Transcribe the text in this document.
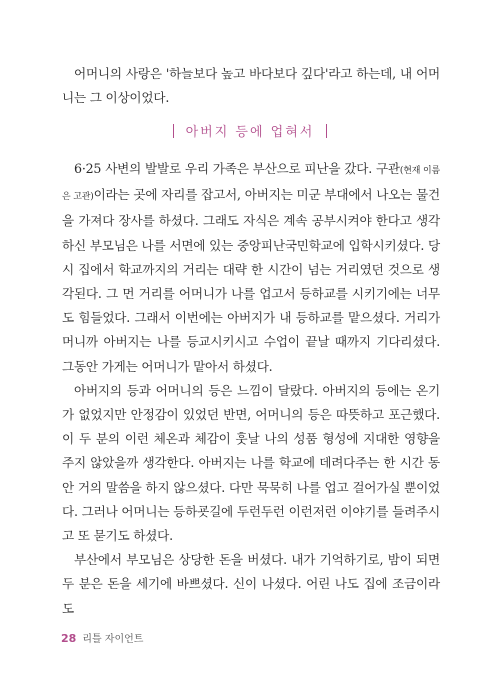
어머니의 사랑은 '하늘보다 높고 바다보다 깊다'라고 하는데, 내 어머니는 그 이상이었다.

아버지 등에 업혀서

6·25 사변의 발발로 우리 가족은 부산으로 피난을 갔다. 구관(현재 이름은 고관)이라는 곳에 자리를 잡고서, 아버지는 미군 부대에서 나오는 물건을 가져다 장사를 하셨다. 그래도 자식은 계속 공부시켜야 한다고 생각하신 부모님은 나를 서면에 있는 중앙피난국민학교에 입학시키셨다. 당시 집에서 학교까지의 거리는 대략 한 시간이 넘는 거리였던 것으로 생각된다. 그 먼 거리를 어머니가 나를 업고서 등하교를 시키기에는 너무도 힘들었다. 그래서 이번에는 아버지가 내 등하교를 맡으셨다. 거리가 머니까 아버지는 나를 등교시키시고 수업이 끝날 때까지 기다리셨다. 그동안 가게는 어머니가 맡아서 하셨다.

아버지의 등과 어머니의 등은 느낌이 달랐다. 아버지의 등에는 온기가 없었지만 안정감이 있었던 반면, 어머니의 등은 따뜻하고 포근했다. 이 두 분의 이런 체온과 체감이 훗날 나의 성품 형성에 지대한 영향을 주지 않았을까 생각한다. 아버지는 나를 학교에 데려다주는 한 시간 동안 거의 말씀을 하지 않으셨다. 다만 묵묵히 나를 업고 걸어가실 뿐이었다. 그러나 어머니는 등하굣길에 두런두런 이런저런 이야기를 들려주시고 또 묻기도 하셨다.

부산에서 부모님은 상당한 돈을 버셨다. 내가 기억하기로, 밤이 되면 두 분은 돈을 세기에 바쁘셨다. 신이 나셨다. 어린 나도 집에 조금이라도

28 리틀 자이언트
